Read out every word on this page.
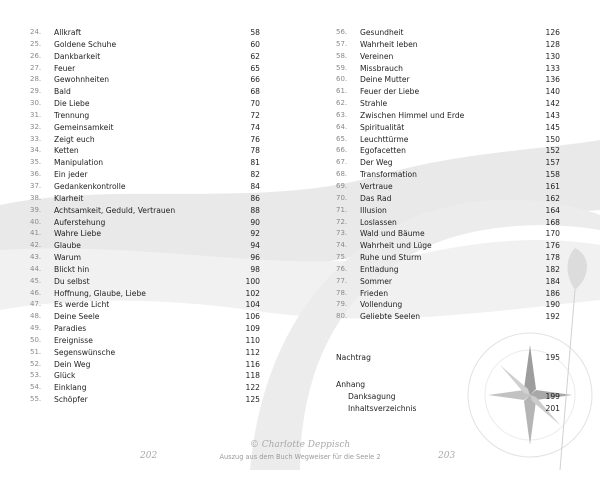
24.	Allkraft	58
25.	Goldene Schuhe	60
26.	Dankbarkeit	62
27.	Feuer	65
28.	Gewohnheiten	66
29.	Bald	68
30.	Die Liebe	70
31.	Trennung	72
32.	Gemeinsamkeit	74
33.	Zeigt euch	76
34.	Ketten	78
35.	Manipulation	81
36.	Ein jeder	82
37.	Gedankenkontrolle	84
38.	Klarheit	86
39.	Achtsamkeit, Geduld, Vertrauen	88
40.	Auferstehung	90
41.	Wahre Liebe	92
42.	Glaube	94
43.	Warum	96
44.	Blickt hin	98
45.	Du selbst	100
46.	Hoffnung, Glaube, Liebe	102
47.	Es werde Licht	104
48.	Deine Seele	106
49.	Paradies	109
50.	Ereignisse	110
51.	Segenswünsche	112
52.	Dein Weg	116
53.	Glück	118
54.	Einklang	122
55.	Schöpfer	125
56.	Gesundheit	126
57.	Wahrheit leben	128
58.	Vereinen	130
59.	Missbrauch	133
60.	Deine Mutter	136
61.	Feuer der Liebe	140
62.	Strahle	142
63.	Zwischen Himmel und Erde	143
64.	Spiritualität	145
65.	Leuchttürme	150
66.	Egofacetten	152
67.	Der Weg	157
68.	Transformation	158
69.	Vertraue	161
70.	Das Rad	162
71.	Illusion	164
72.	Loslassen	168
73.	Wald und Bäume	170
74.	Wahrheit und Lüge	176
75.	Ruhe und Sturm	178
76.	Entladung	182
77.	Sommer	184
78.	Frieden	186
79.	Vollendung	190
80.	Geliebte Seelen	192
Nachtrag	195
Anhang
Danksagung	199
Inhaltsverzeichnis	201
© Charlotte Deppisch
Auszug aus dem Buch Wegweiser für die Seele 2
202	203
